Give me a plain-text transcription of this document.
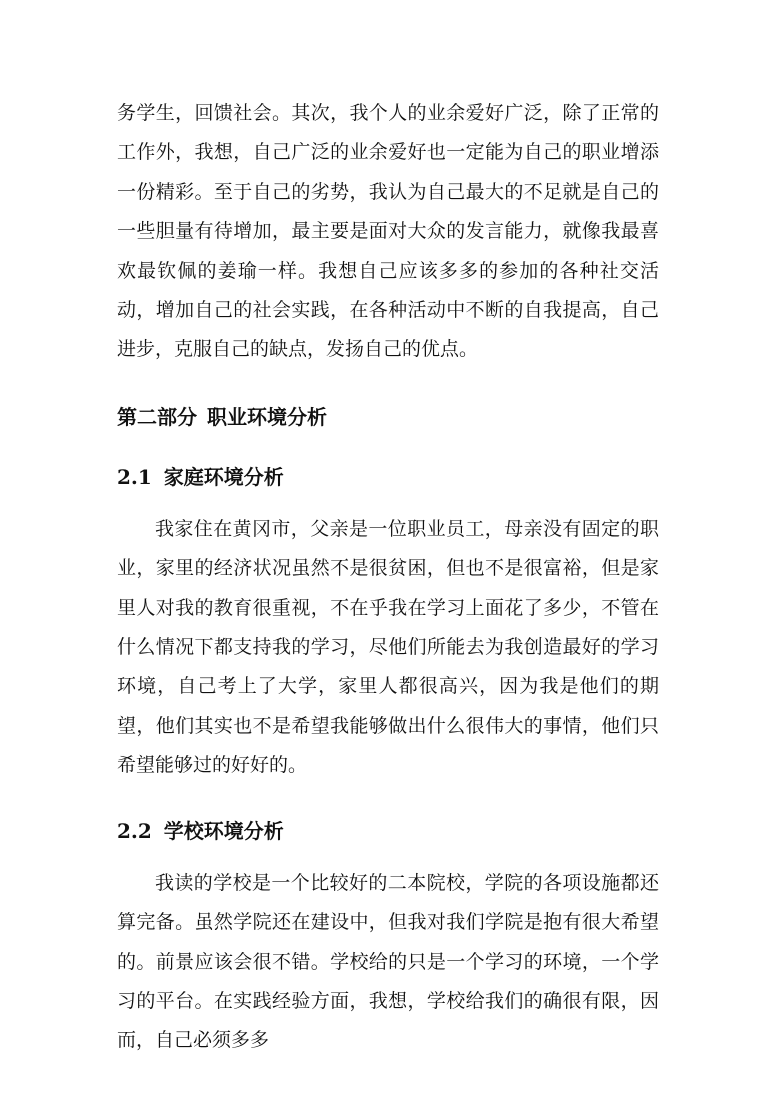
务学生，回馈社会。其次，我个人的业余爱好广泛，除了正常的工作外，我想，自己广泛的业余爱好也一定能为自己的职业增添一份精彩。至于自己的劣势，我认为自己最大的不足就是自己的一些胆量有待增加，最主要是面对大众的发言能力，就像我最喜欢最钦佩的姜瑜一样。我想自己应该多多的参加的各种社交活动，增加自己的社会实践，在各种活动中不断的自我提高，自己进步，克服自己的缺点，发扬自己的优点。

第二部分 职业环境分析
2.1 家庭环境分析

我家住在黄冈市，父亲是一位职业员工，母亲没有固定的职业，家里的经济状况虽然不是很贫困，但也不是很富裕，但是家里人对我的教育很重视，不在乎我在学习上面花了多少，不管在什么情况下都支持我的学习，尽他们所能去为我创造最好的学习环境，自己考上了大学，家里人都很高兴，因为我是他们的期望，他们其实也不是希望我能够做出什么很伟大的事情，他们只希望能够过的好好的。

2.2 学校环境分析

我读的学校是一个比较好的二本院校，学院的各项设施都还算完备。虽然学院还在建设中，但我对我们学院是抱有很大希望的。前景应该会很不错。学校给的只是一个学习的环境，一个学习的平台。在实践经验方面，我想，学校给我们的确很有限，因而，自己必须多多
